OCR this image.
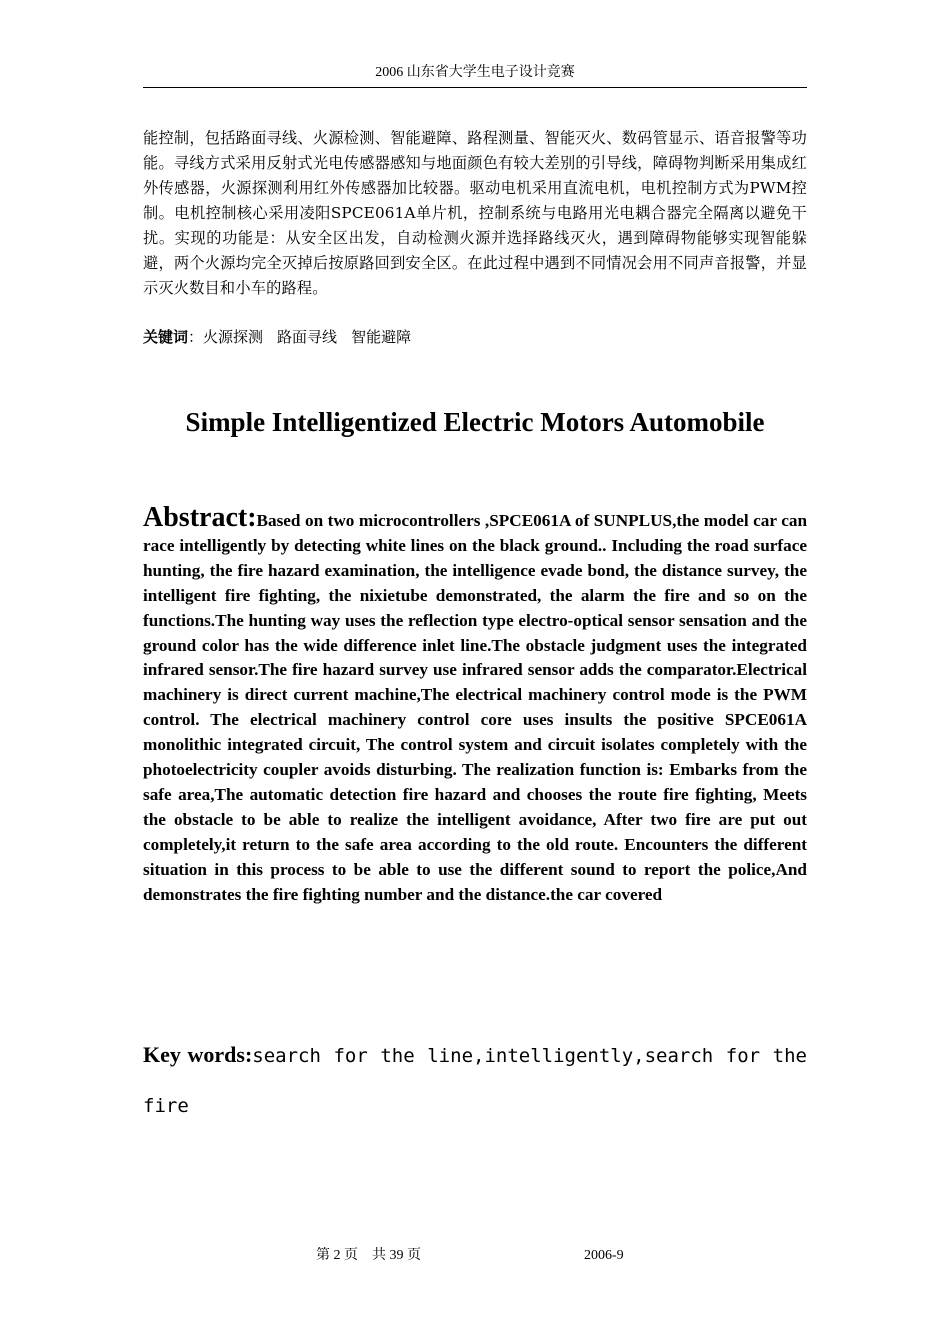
2006 山东省大学生电子设计竞赛
能控制，包括路面寻线、火源检测、智能避障、路程测量、智能灭火、数码管显示、语音报警等功能。寻线方式采用反射式光电传感器感知与地面颜色有较大差别的引导线，障碍物判断采用集成红外传感器，火源探测利用红外传感器加比较器。驱动电机采用直流电机，电机控制方式为PWM控制。电机控制核心采用凌阳SPCE061A单片机，控制系统与电路用光电耦合器完全隔离以避免干扰。实现的功能是：从安全区出发，自动检测火源并选择路线灭火，遇到障碍物能够实现智能躲避，两个火源均完全灭掉后按原路回到安全区。在此过程中遇到不同情况会用不同声音报警，并显示灭火数目和小车的路程。
关键词：火源探测 路面寻线 智能避障
Simple Intelligentized Electric Motors Automobile
Abstract:Based on two microcontrollers ,SPCE061A of SUNPLUS,the model car can race intelligently by detecting white lines on the black ground.. Including the road surface hunting, the fire hazard examination, the intelligence evade bond, the distance survey, the intelligent fire fighting, the nixietube demonstrated, the alarm the fire and so on the functions.The hunting way uses the reflection type electro-optical sensor sensation and the ground color has the wide difference inlet line.The obstacle judgment uses the integrated infrared sensor.The fire hazard survey use infrared sensor adds the comparator.Electrical machinery is direct current machine,The electrical machinery control mode is the PWM control. The electrical machinery control core uses insults the positive SPCE061A monolithic integrated circuit, The control system and circuit isolates completely with the photoelectricity coupler avoids disturbing. The realization function is: Embarks from the safe area,The automatic detection fire hazard and chooses the route fire fighting, Meets the obstacle to be able to realize the intelligent avoidance, After two fire are put out completely,it return to the safe area according to the old route. Encounters the different situation in this process to be able to use the different sound to report the police,And demonstrates the fire fighting number and the distance.the car covered
Key words:search for the line,intelligently,search for the fire
第 2 页　共 39 页	2006-9
